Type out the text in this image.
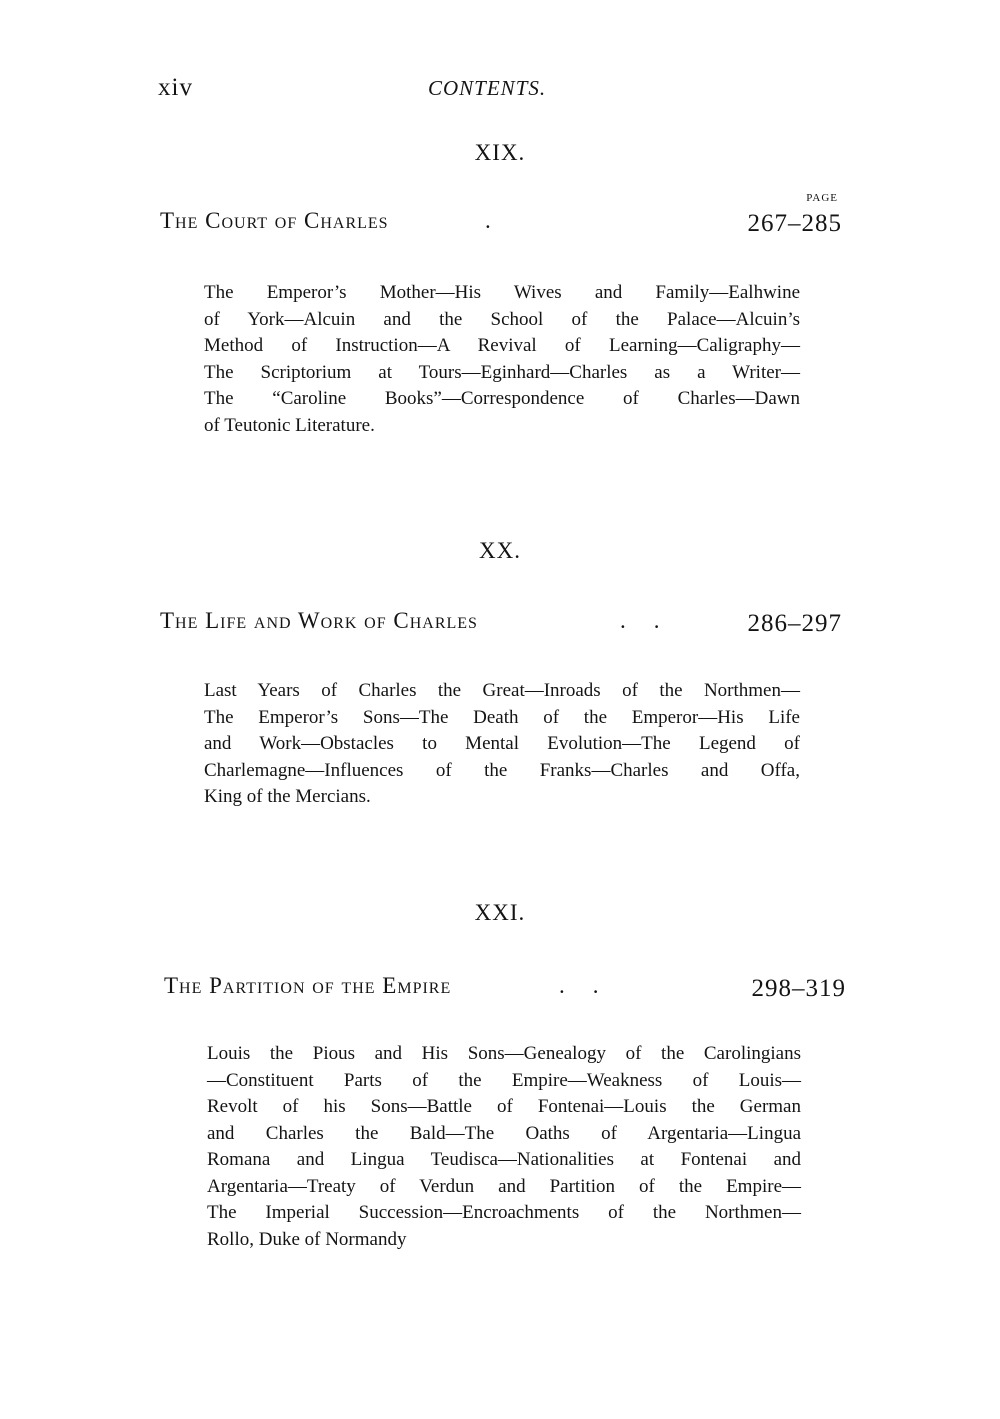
xiv	CONTENTS.
XIX.
PAGE
The Court of Charles	.	267–285
The Emperor’s Mother—His Wives and Family—Ealhwine
of York—Alcuin and the School of the Palace—Alcuin’s
Method of Instruction—A Revival of Learning—Caligraphy—
The Scriptorium at Tours—Eginhard—Charles as a Writer—
The “Caroline Books”—Correspondence of Charles—Dawn
of Teutonic Literature.
XX.
The Life and Work of Charles	.. 286–297
Last Years of Charles the Great—Inroads of the Northmen—
The Emperor’s Sons—The Death of the Emperor—His Life
and Work—Obstacles to Mental Evolution—The Legend of
Charlemagne—Influences of the Franks—Charles and Offa,
King of the Mercians.
XXI.
The Partition of the Empire	..	298–319
Louis the Pious and His Sons—Genealogy of the Carolingians
—Constituent Parts of the Empire—Weakness of Louis—
Revolt of his Sons—Battle of Fontenai—Louis the German
and Charles the Bald—The Oaths of Argentaria—Lingua
Romana and Lingua Teudisca—Nationalities at Fontenai and
Argentaria—Treaty of Verdun and Partition of the Empire—
The Imperial Succession—Encroachments of the Northmen—
Rollo, Duke of Normandy
